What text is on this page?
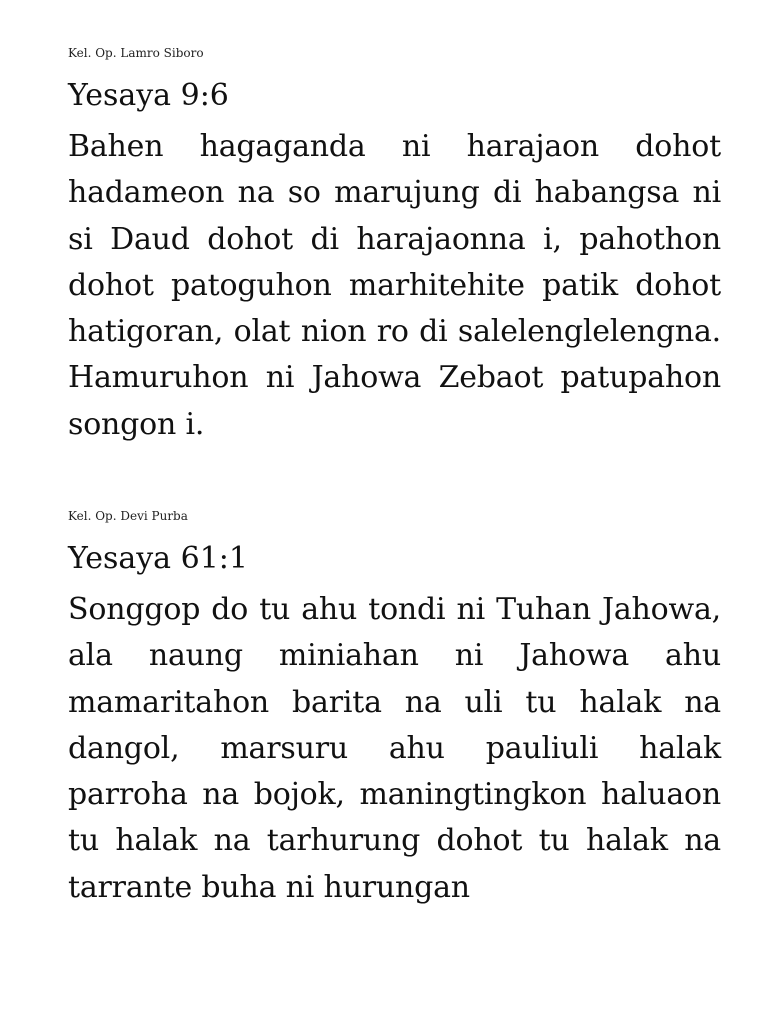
Kel. Op. Lamro Siboro

Yesaya 9:6

Bahen hagaganda ni harajaon dohot hadameon na so marujung di habangsa ni si Daud dohot di harajaonna i, pahothon dohot patoguhon marhitehite patik dohot hatigoran, olat nion ro di salelenglelengna. Hamuruhon ni Jahowa Zebaot patupahon songon i.

Kel. Op. Devi Purba

Yesaya 61:1

Songgop do tu ahu tondi ni Tuhan Jahowa, ala naung miniahan ni Jahowa ahu mamaritahon barita na uli tu halak na dangol, marsuru ahu pauliuli halak parroha na bojok, maningtingkon haluaon tu halak na tarhurung dohot tu halak na tarrante buha ni hurungan
